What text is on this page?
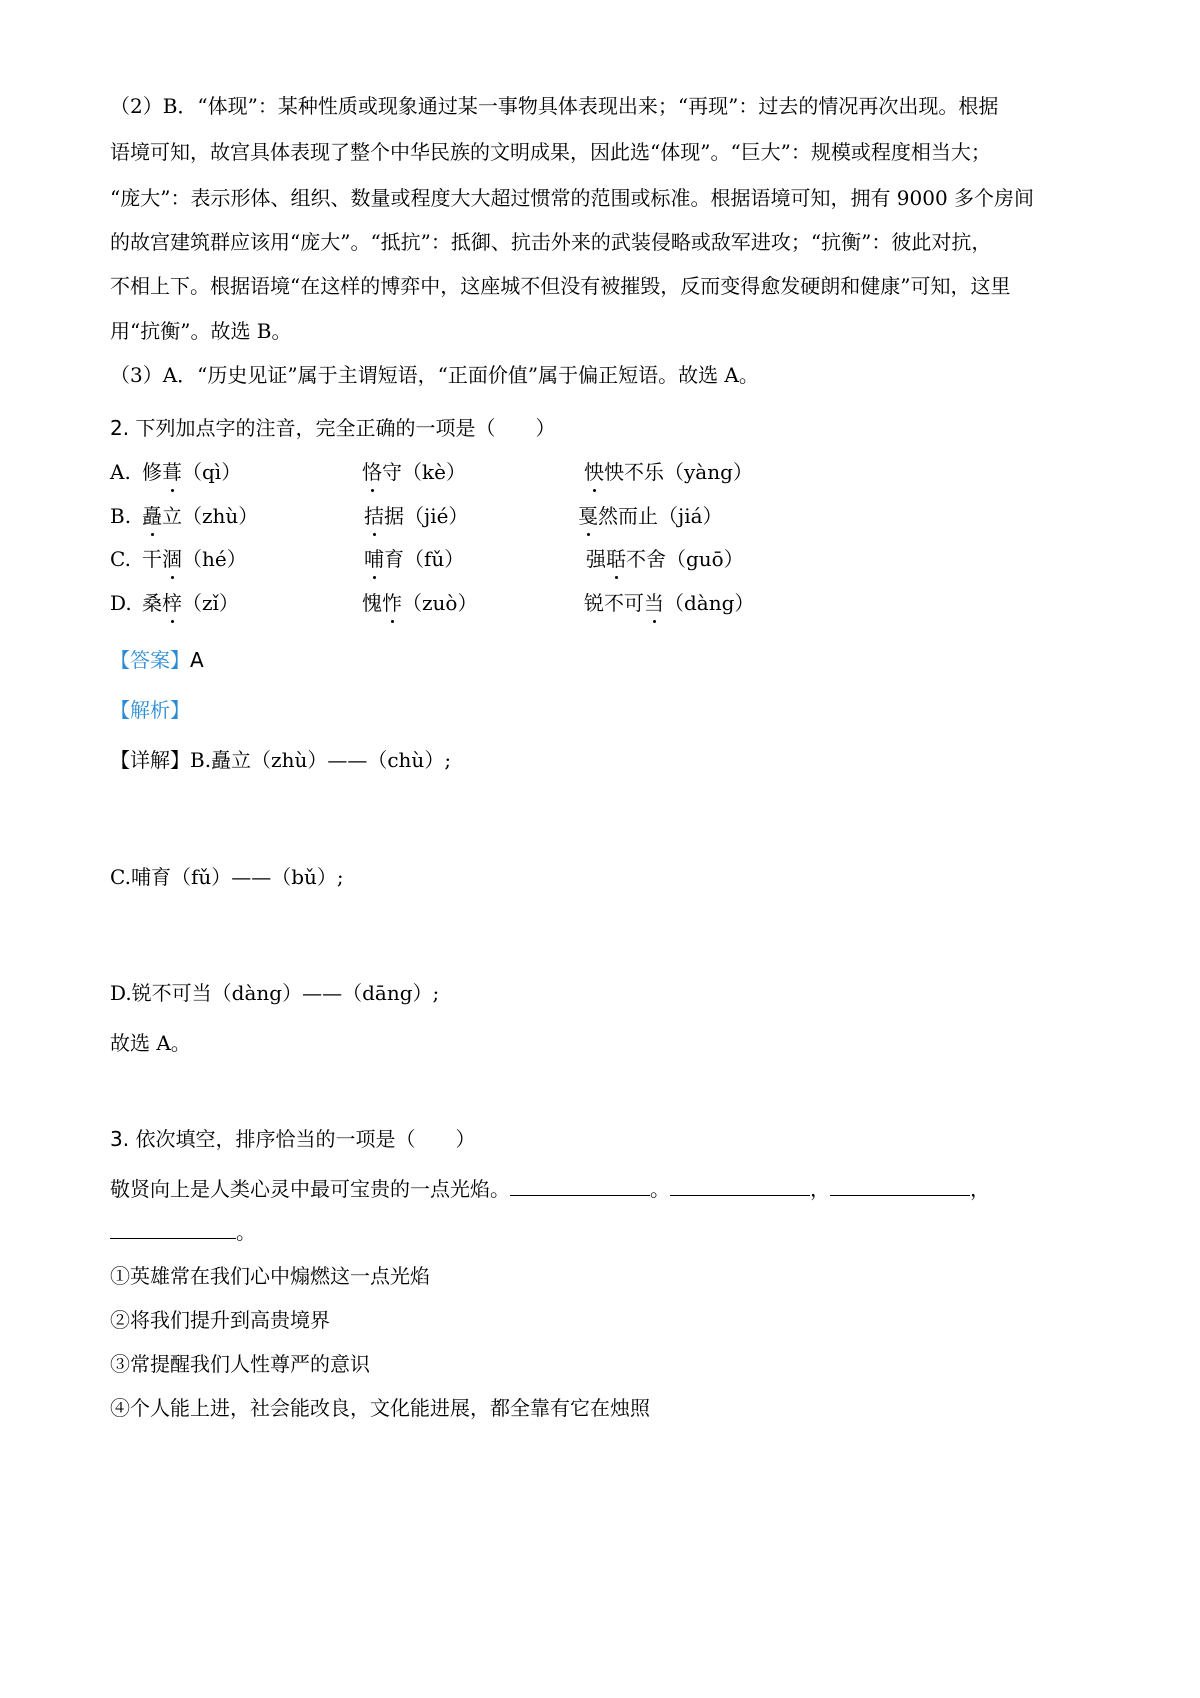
（2）B．“体现”：某种性质或现象通过某一事物具体表现出来；“再现”：过去的情况再次出现。根据
语境可知，故宫具体表现了整个中华民族的文明成果，因此选“体现”。“巨大”：规模或程度相当大；
“庞大”：表示形体、组织、数量或程度大大超过惯常的范围或标准。根据语境可知，拥有 9000 多个房间
的故宫建筑群应该用“庞大”。“抵抗”：抵御、抗击外来的武装侵略或敌军进攻；“抗衡”：彼此对抗，
不相上下。根据语境“在这样的博弈中，这座城不但没有被摧毁，反而变得愈发硬朗和健康”可知，这里
用“抗衡”。故选 B。
（3）A．“历史见证”属于主谓短语，“正面价值”属于偏正短语。故选 A。
2. 下列加点字的注音，完全正确的一项是（　　）
A. 修葺（qì）	恪守（kè）	怏怏不乐（yàng）
B. 矗立（zhù）	拮据（jié）	戛然而止（jiá）
C. 干涸（hé）	哺育（fǔ）	强聒不舍（guō）
D. 桑梓（zǐ）	愧怍（zuò）	锐不可当（dàng）
【答案】A
【解析】
【详解】B.矗立（zhù）——（chù）;
C.哺育（fǔ）——（bǔ）;
D.锐不可当（dàng）——（dāng）;
故选 A。
3. 依次填空，排序恰当的一项是（　　）
敬贤向上是人类心灵中最可宝贵的一点光焰。	。	，	，
。
①英雄常在我们心中煽燃这一点光焰
②将我们提升到高贵境界
③常提醒我们人性尊严的意识
④个人能上进，社会能改良，文化能进展，都全靠有它在烛照
